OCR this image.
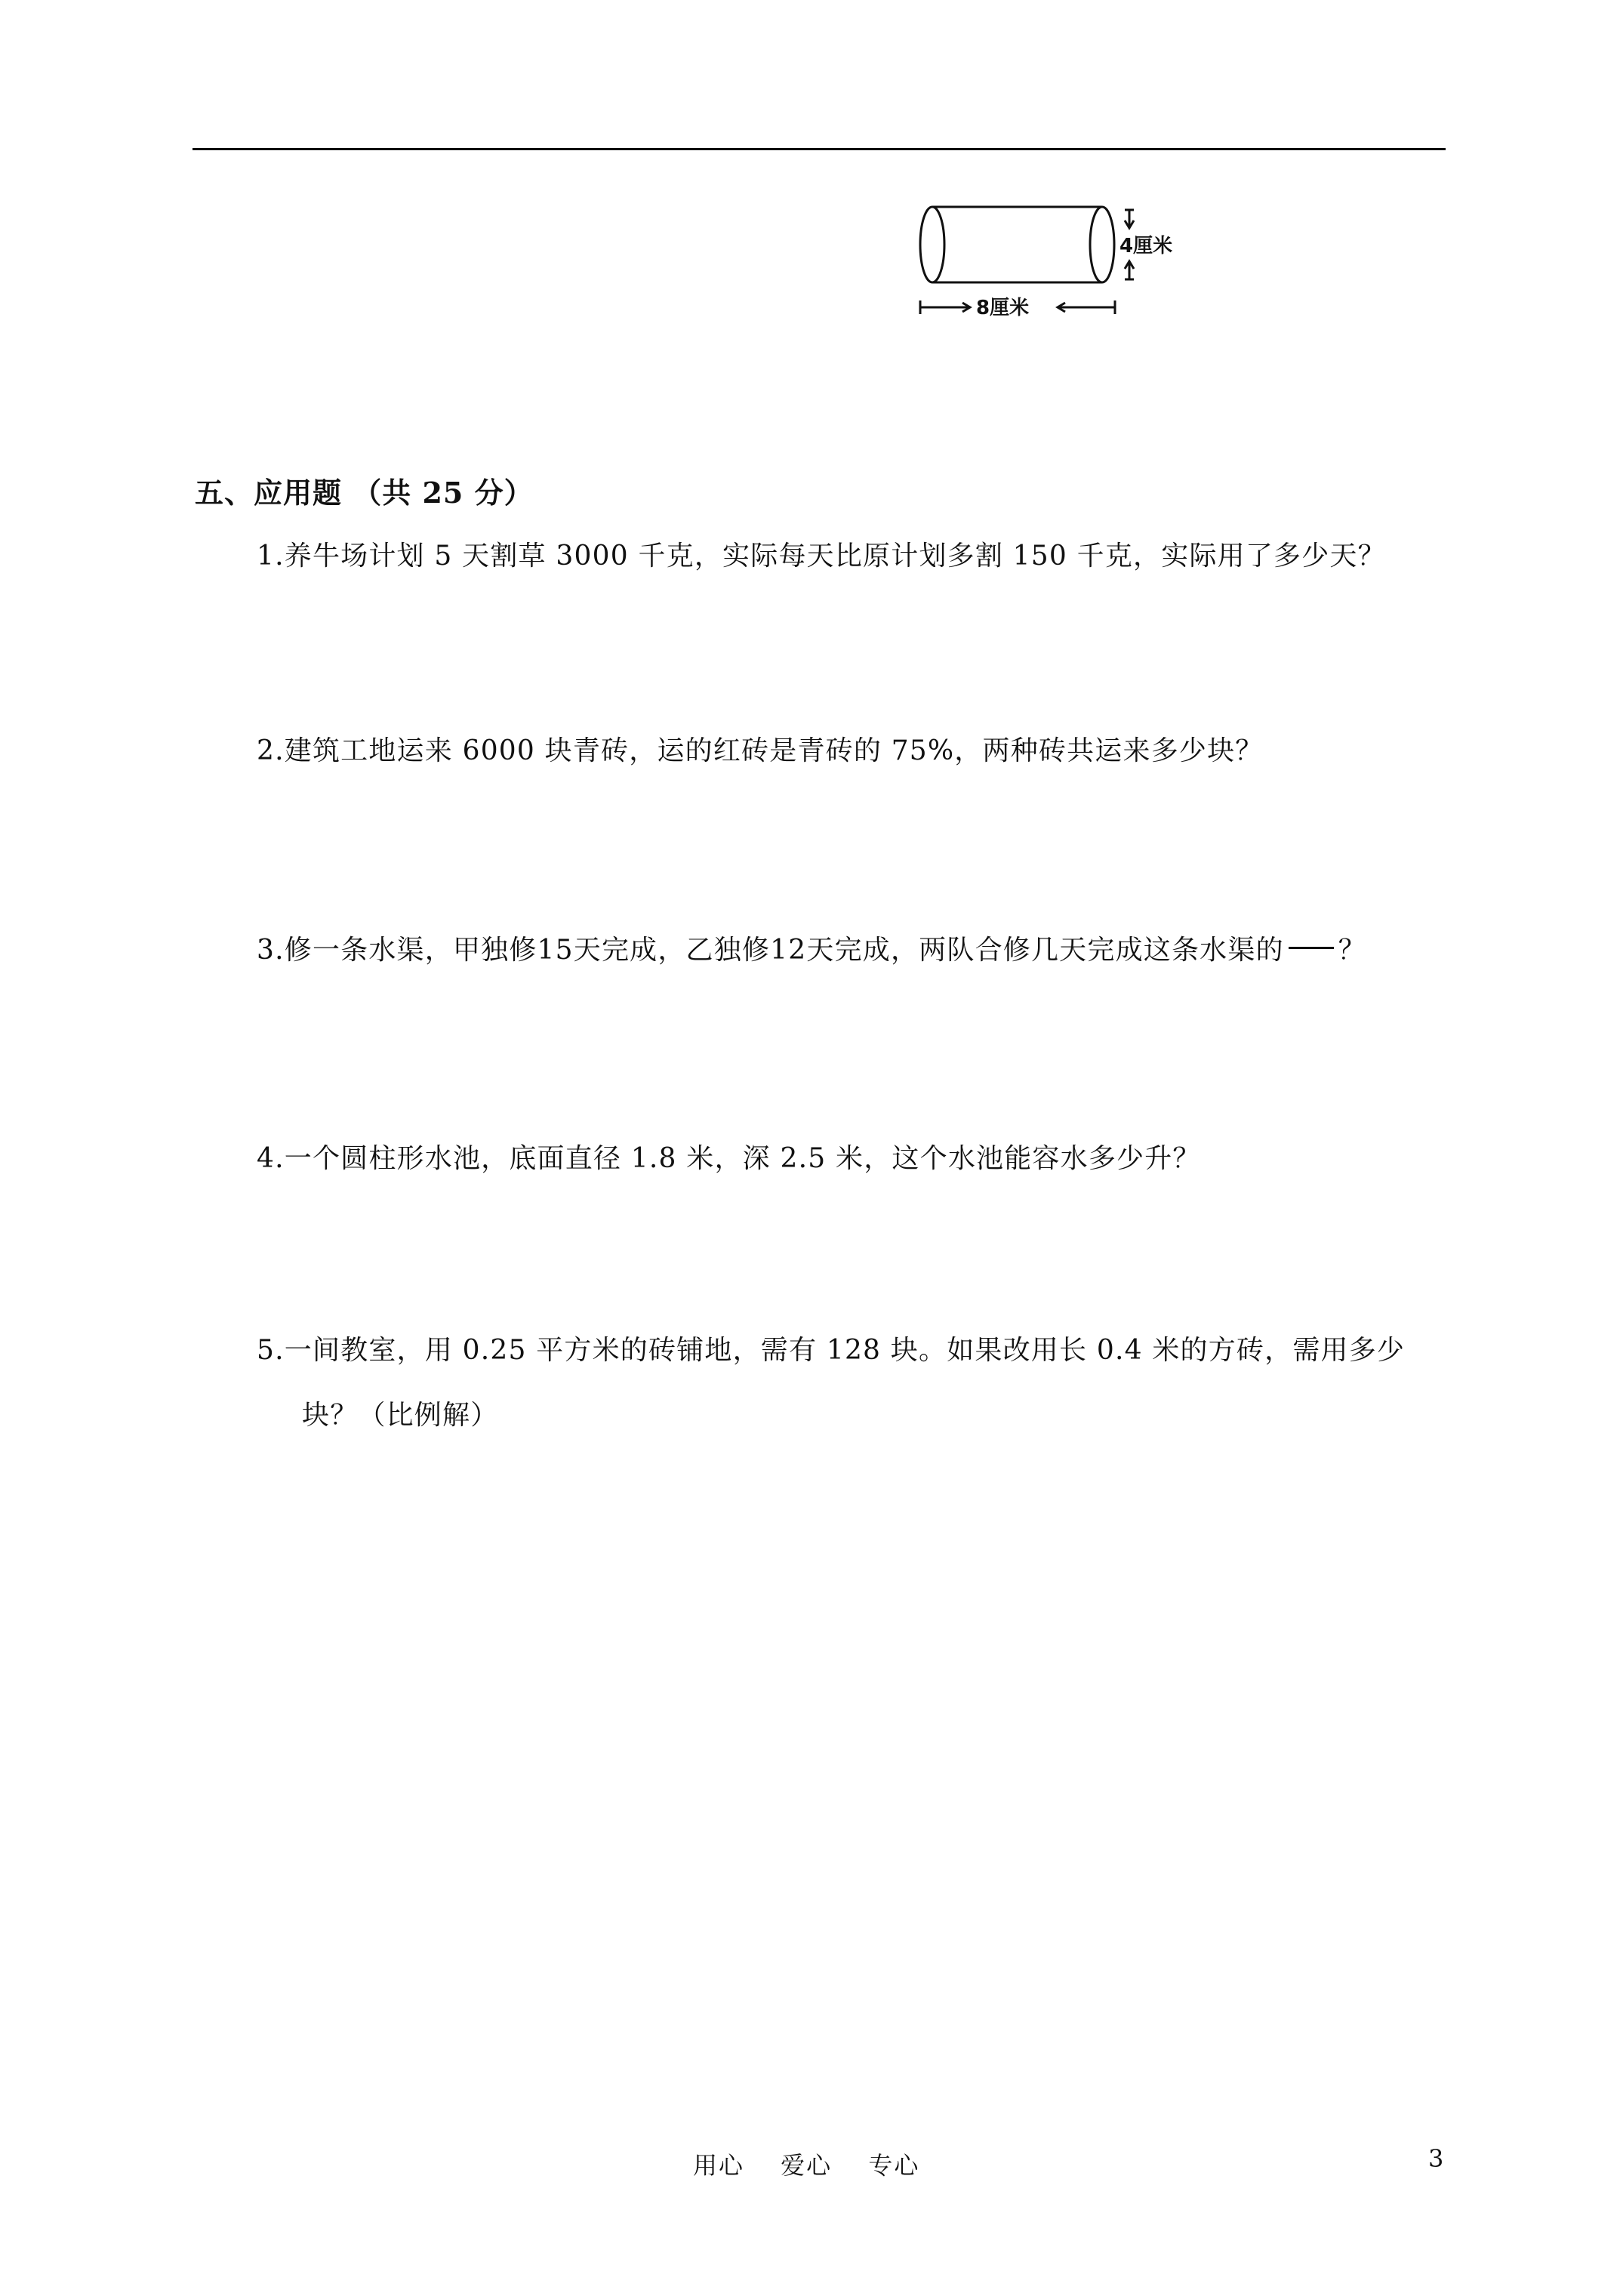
4厘米
8厘米
五、应用题 （共 25 分）
1.养牛场计划 5 天割草 3000 千克，实际每天比原计划多割 150 千克，实际用了多少天？
2.建筑工地运来 6000 块青砖，运的红砖是青砖的 75%，两种砖共运来多少块？
3.修一条水渠，甲独修15天完成，乙独修12天完成，两队合修几天完成这条水渠的 ？
4.一个圆柱形水池，底面直径 1.8 米，深 2.5 米，这个水池能容水多少升？
5.一间教室，用 0.25 平方米的砖铺地，需有 128 块。如果改用长 0.4 米的方砖，需用多少
块？（比例解）
用心 爱心 专心	3
